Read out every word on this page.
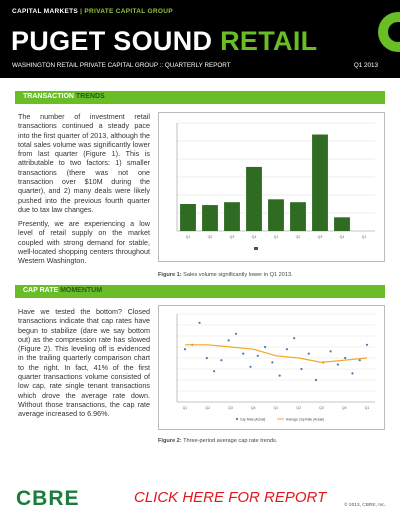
CAPITAL MARKETS | PRIVATE CAPITAL GROUP
PUGET SOUND RETAIL
WASHINGTON RETAIL PRIVATE CAPITAL GROUP :: QUARTERLY REPORT	Q1 2013
TRANSACTION TRENDS
The number of investment retail transactions continued a steady pace into the first quarter of 2013, although the total sales volume was significantly lower from last quarter (Figure 1). This is attributable to two factors: 1) smaller transactions (there was not one transaction over $10M during the quarter), and 2) many deals were likely pushed into the previous fourth quarter due to tax law changes.
Presently, we are experiencing a low level of retail supply on the market coupled with strong demand for stable, well-located shopping centers throughout Western Washington.
Q1	Q2	Q3	Q4	Q1	Q2	Q3	Q4	Q1
Figure 1: Sales volume significantly lower in Q1 2013.
CAP RATE MOMENTUM
Have we tested the bottom? Closed transactions indicate that cap rates have begun to stabilize (dare we say bottom out) as the compression rate has slowed (Figure 2). This leveling off is evidenced in the trailing quarterly comparison chart to the right. In fact, 41% of the first quarter transactions volume consisted of low cap, rate single tenant transactions which drove the average rate down. Without those transactions, the cap rate average increased to 6.96%.
Q1	Q2	Q3	Q4	Q1	Q2	Q3	Q4	Q1
Cap Rate (Actual)	Average Cap Rate (Actual)
Figure 2: Three-period average cap rate trends.
CBRE	CLICK HERE FOR REPORT	© 2013, CBRE, Inc.
